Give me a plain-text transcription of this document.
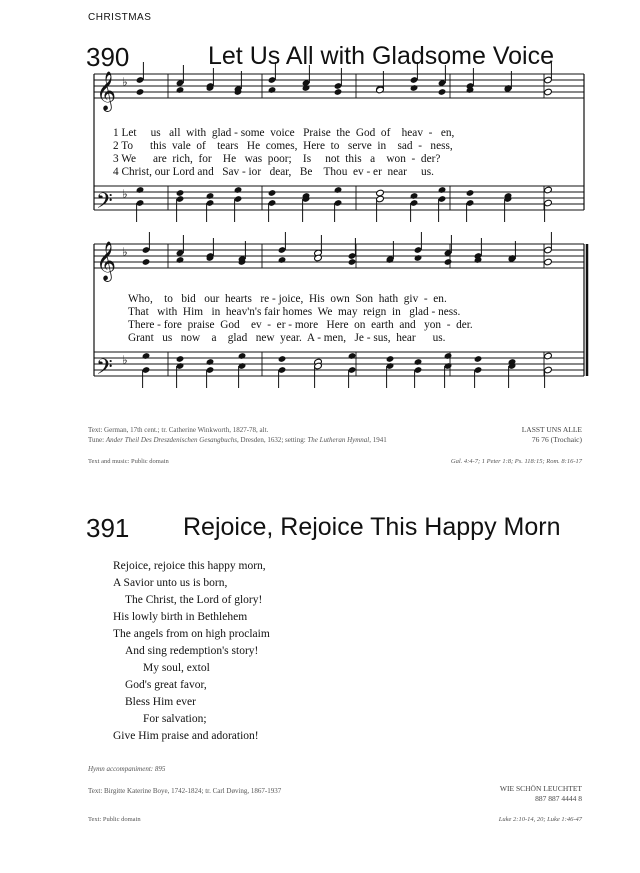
CHRISTMAS
390	Let Us All with Gladsome Voice
𝄞
𝄢
𝄞
𝄢
♭
♭
♭
♭
1 Let     us   all  with  glad - some  voice   Praise  the  God  of    heav  -   en,
2 To      this  vale  of    tears   He  comes,  Here  to   serve  in    sad  -   ness,
3 We      are  rich,  for    He   was  poor;    Is     not  this   a    won  -  der?
4 Christ, our Lord and   Sav - ior   dear,   Be    Thou  ev - er  near     us.
Who,    to   bid   our  hearts   re - joice,  His  own  Son  hath  giv  -  en.
That   with  Him   in  heav'n's fair homes  We  may  reign  in   glad - ness.
There - fore  praise  God    ev  -  er - more   Here  on  earth  and   yon  -  der.
Grant   us   now    a    glad   new  year.  A - men,   Je - sus,  hear      us.
Text: German, 17th cent.; tr. Catherine Winkworth, 1827-78, alt.
Tune: Ander Theil Des Dreszdenischen Gesangbuchs, Dresden, 1632; setting: The Lutheran Hymnal, 1941
LASST UNS ALLE
76 76 (Trochaic)
Text and music: Public domain	Gal. 4:4-7; 1 Peter 1:8; Ps. 118:15; Rom. 8:16-17
391 Rejoice, Rejoice This Happy Morn
Rejoice, rejoice this happy morn,
A Savior unto us is born,
The Christ, the Lord of glory!
His lowly birth in Bethlehem
The angels from on high proclaim
And sing redemption's story!
My soul, extol
God's great favor,
Bless Him ever
For salvation;
Give Him praise and adoration!
Hymn accompaniment: 895
Text: Birgitte Katerine Boye, 1742-1824; tr. Carl Døving, 1867-1937	WIE SCHÖN LEUCHTET
887 887 4444 8
Text: Public domain	Luke 2:10-14, 20; Luke 1:46-47
